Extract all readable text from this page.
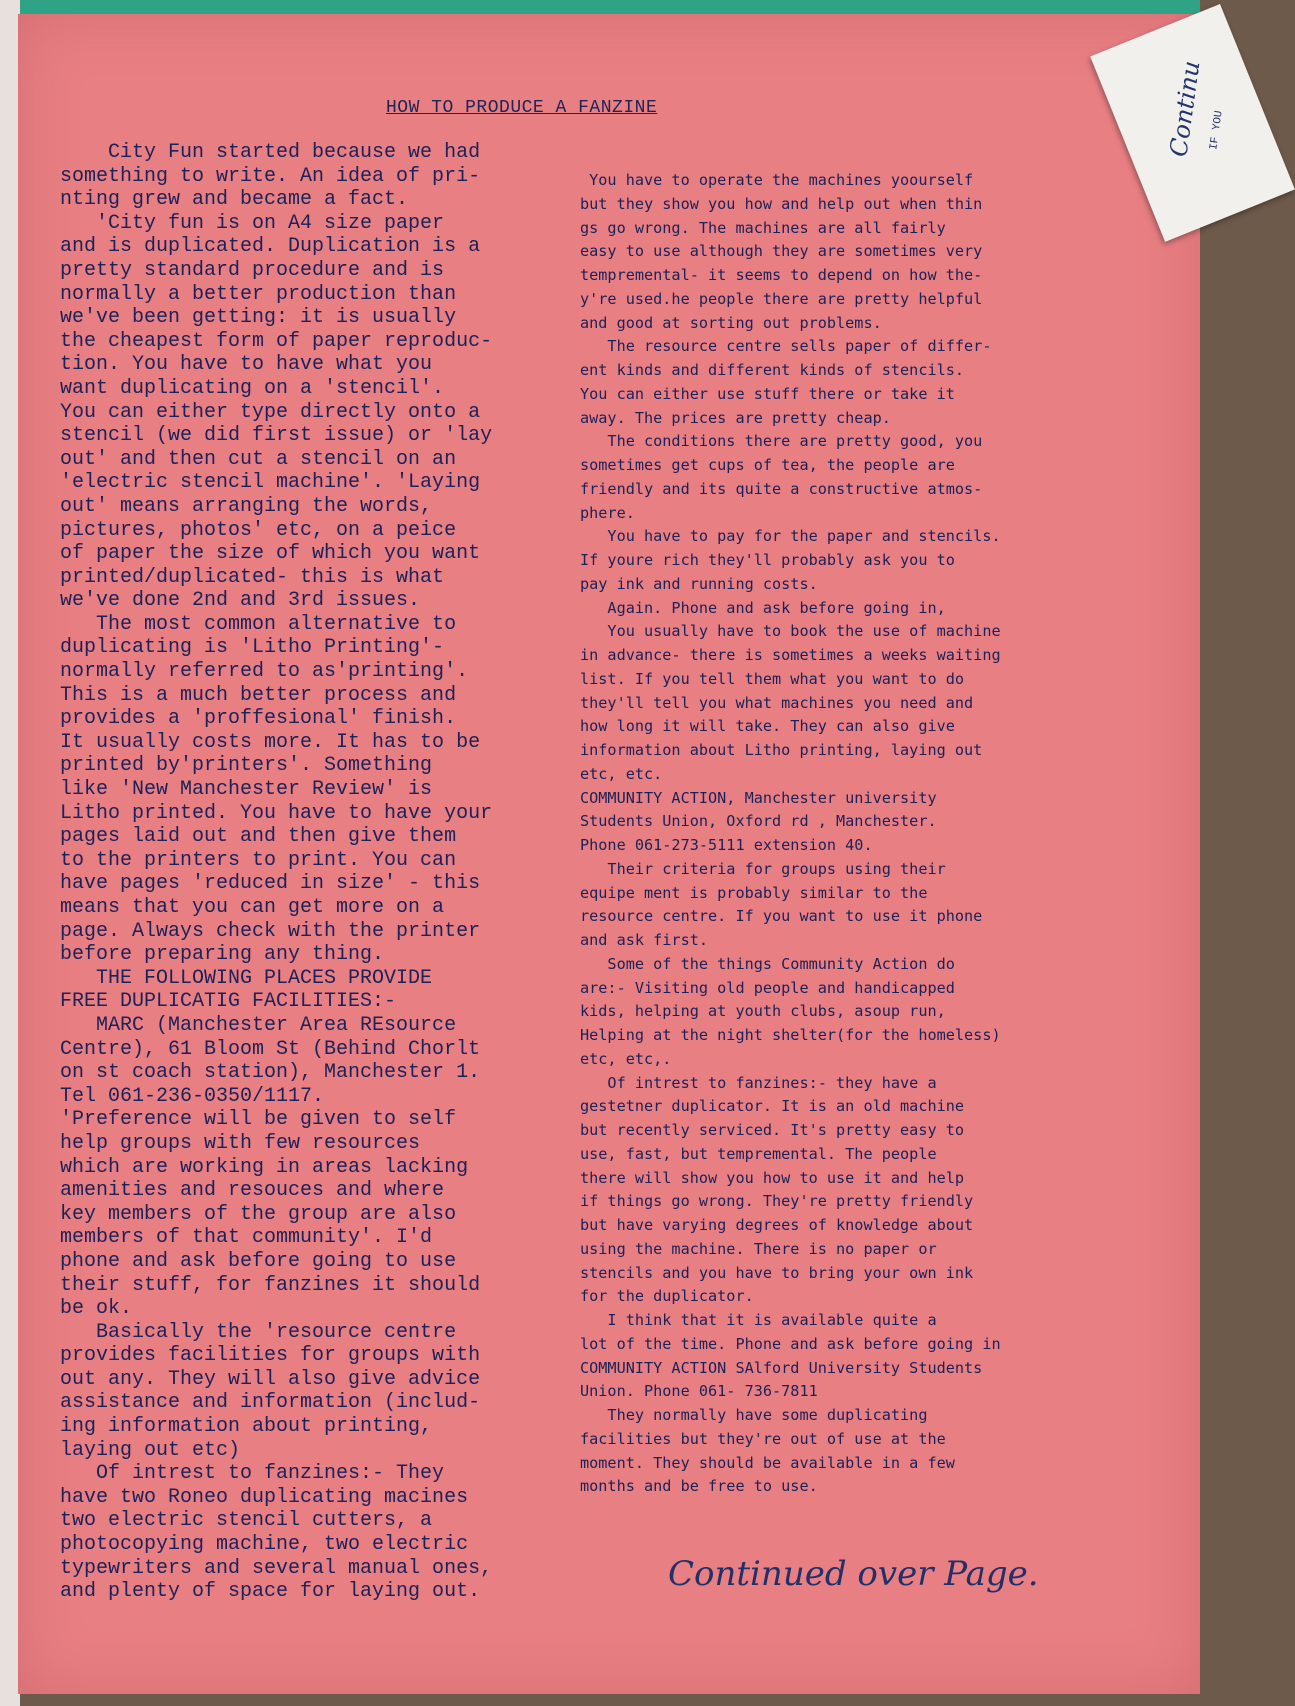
Continu IF YOU
HOW TO PRODUCE A FANZINE

City Fun started because we had

something to write. An idea of pri-

nting grew and became a fact.

'City fun is on A4 size paper

and is duplicated. Duplication is a

pretty standard procedure and is

normally a better production than

we've been getting: it is usually

the cheapest form of paper reproduc-

tion. You have to have what you

want duplicating on a 'stencil'.

You can either type directly onto a

stencil (we did first issue) or 'lay

out' and then cut a stencil on an

'electric stencil machine'. 'Laying

out' means arranging the words,

pictures, photos' etc, on a peice

of paper the size of which you want

printed/duplicated- this is what

we've done 2nd and 3rd issues.

The most common alternative to

duplicating is 'Litho Printing'-

normally referred to as'printing'.

This is a much better process and

provides a 'proffesional' finish.

It usually costs more. It has to be

printed by'printers'. Something

like 'New Manchester Review' is

Litho printed. You have to have your

pages laid out and then give them

to the printers to print. You can

have pages 'reduced in size' - this

means that you can get more on a

page. Always check with the printer

before preparing any thing.

THE FOLLOWING PLACES PROVIDE

FREE DUPLICATIG FACILITIES:-

MARC (Manchester Area REsource

Centre), 61 Bloom St (Behind Chorlt

on st coach station), Manchester 1.

Tel 061-236-0350/1117.

'Preference will be given to self

help groups with few resources

which are working in areas lacking

amenities and resouces and where

key members of the group are also

members of that community'. I'd

phone and ask before going to use

their stuff, for fanzines it should

be ok.

Basically the 'resource centre

provides facilities for groups with

out any. They will also give advice

assistance and information (includ-

ing information about printing,

laying out etc)

Of intrest to fanzines:- They

have two Roneo duplicating macines

two electric stencil cutters, a

photocopying machine, two electric

typewriters and several manual ones,

and plenty of space for laying out.

You have to operate the machines yoourself

but they show you how and help out when thin

gs go wrong. The machines are all fairly

easy to use although they are sometimes very

tempremental- it seems to depend on how the-

y're used.he people there are pretty helpful

and good at sorting out problems.

The resource centre sells paper of differ-

ent kinds and different kinds of stencils.

You can either use stuff there or take it

away. The prices are pretty cheap.

The conditions there are pretty good, you

sometimes get cups of tea, the people are

friendly and its quite a constructive atmos-

phere.

You have to pay for the paper and stencils.

If youre rich they'll probably ask you to

pay ink and running costs.

Again. Phone and ask before going in,

You usually have to book the use of machine

in advance- there is sometimes a weeks waiting

list. If you tell them what you want to do

they'll tell you what machines you need and

how long it will take. They can also give

information about Litho printing, laying out

etc, etc.

COMMUNITY ACTION, Manchester university

Students Union, Oxford rd , Manchester.

Phone 061-273-5111 extension 40.

Their criteria for groups using their

equipe ment is probably similar to the

resource centre. If you want to use it phone

and ask first.

Some of the things Community Action do

are:- Visiting old people and handicapped

kids, helping at youth clubs, asoup run,

Helping at the night shelter(for the homeless)

etc, etc,.

Of intrest to fanzines:- they have a

gestetner duplicator. It is an old machine

but recently serviced. It's pretty easy to

use, fast, but tempremental. The people

there will show you how to use it and help

if things go wrong. They're pretty friendly

but have varying degrees of knowledge about

using the machine. There is no paper or

stencils and you have to bring your own ink

for the duplicator.

I think that it is available quite a

lot of the time. Phone and ask before going in

COMMUNITY ACTION SAlford University Students

Union. Phone 061- 736-7811

They normally have some duplicating

facilities but they're out of use at the

moment. They should be available in a few

months and be free to use.

Continued over Page.
